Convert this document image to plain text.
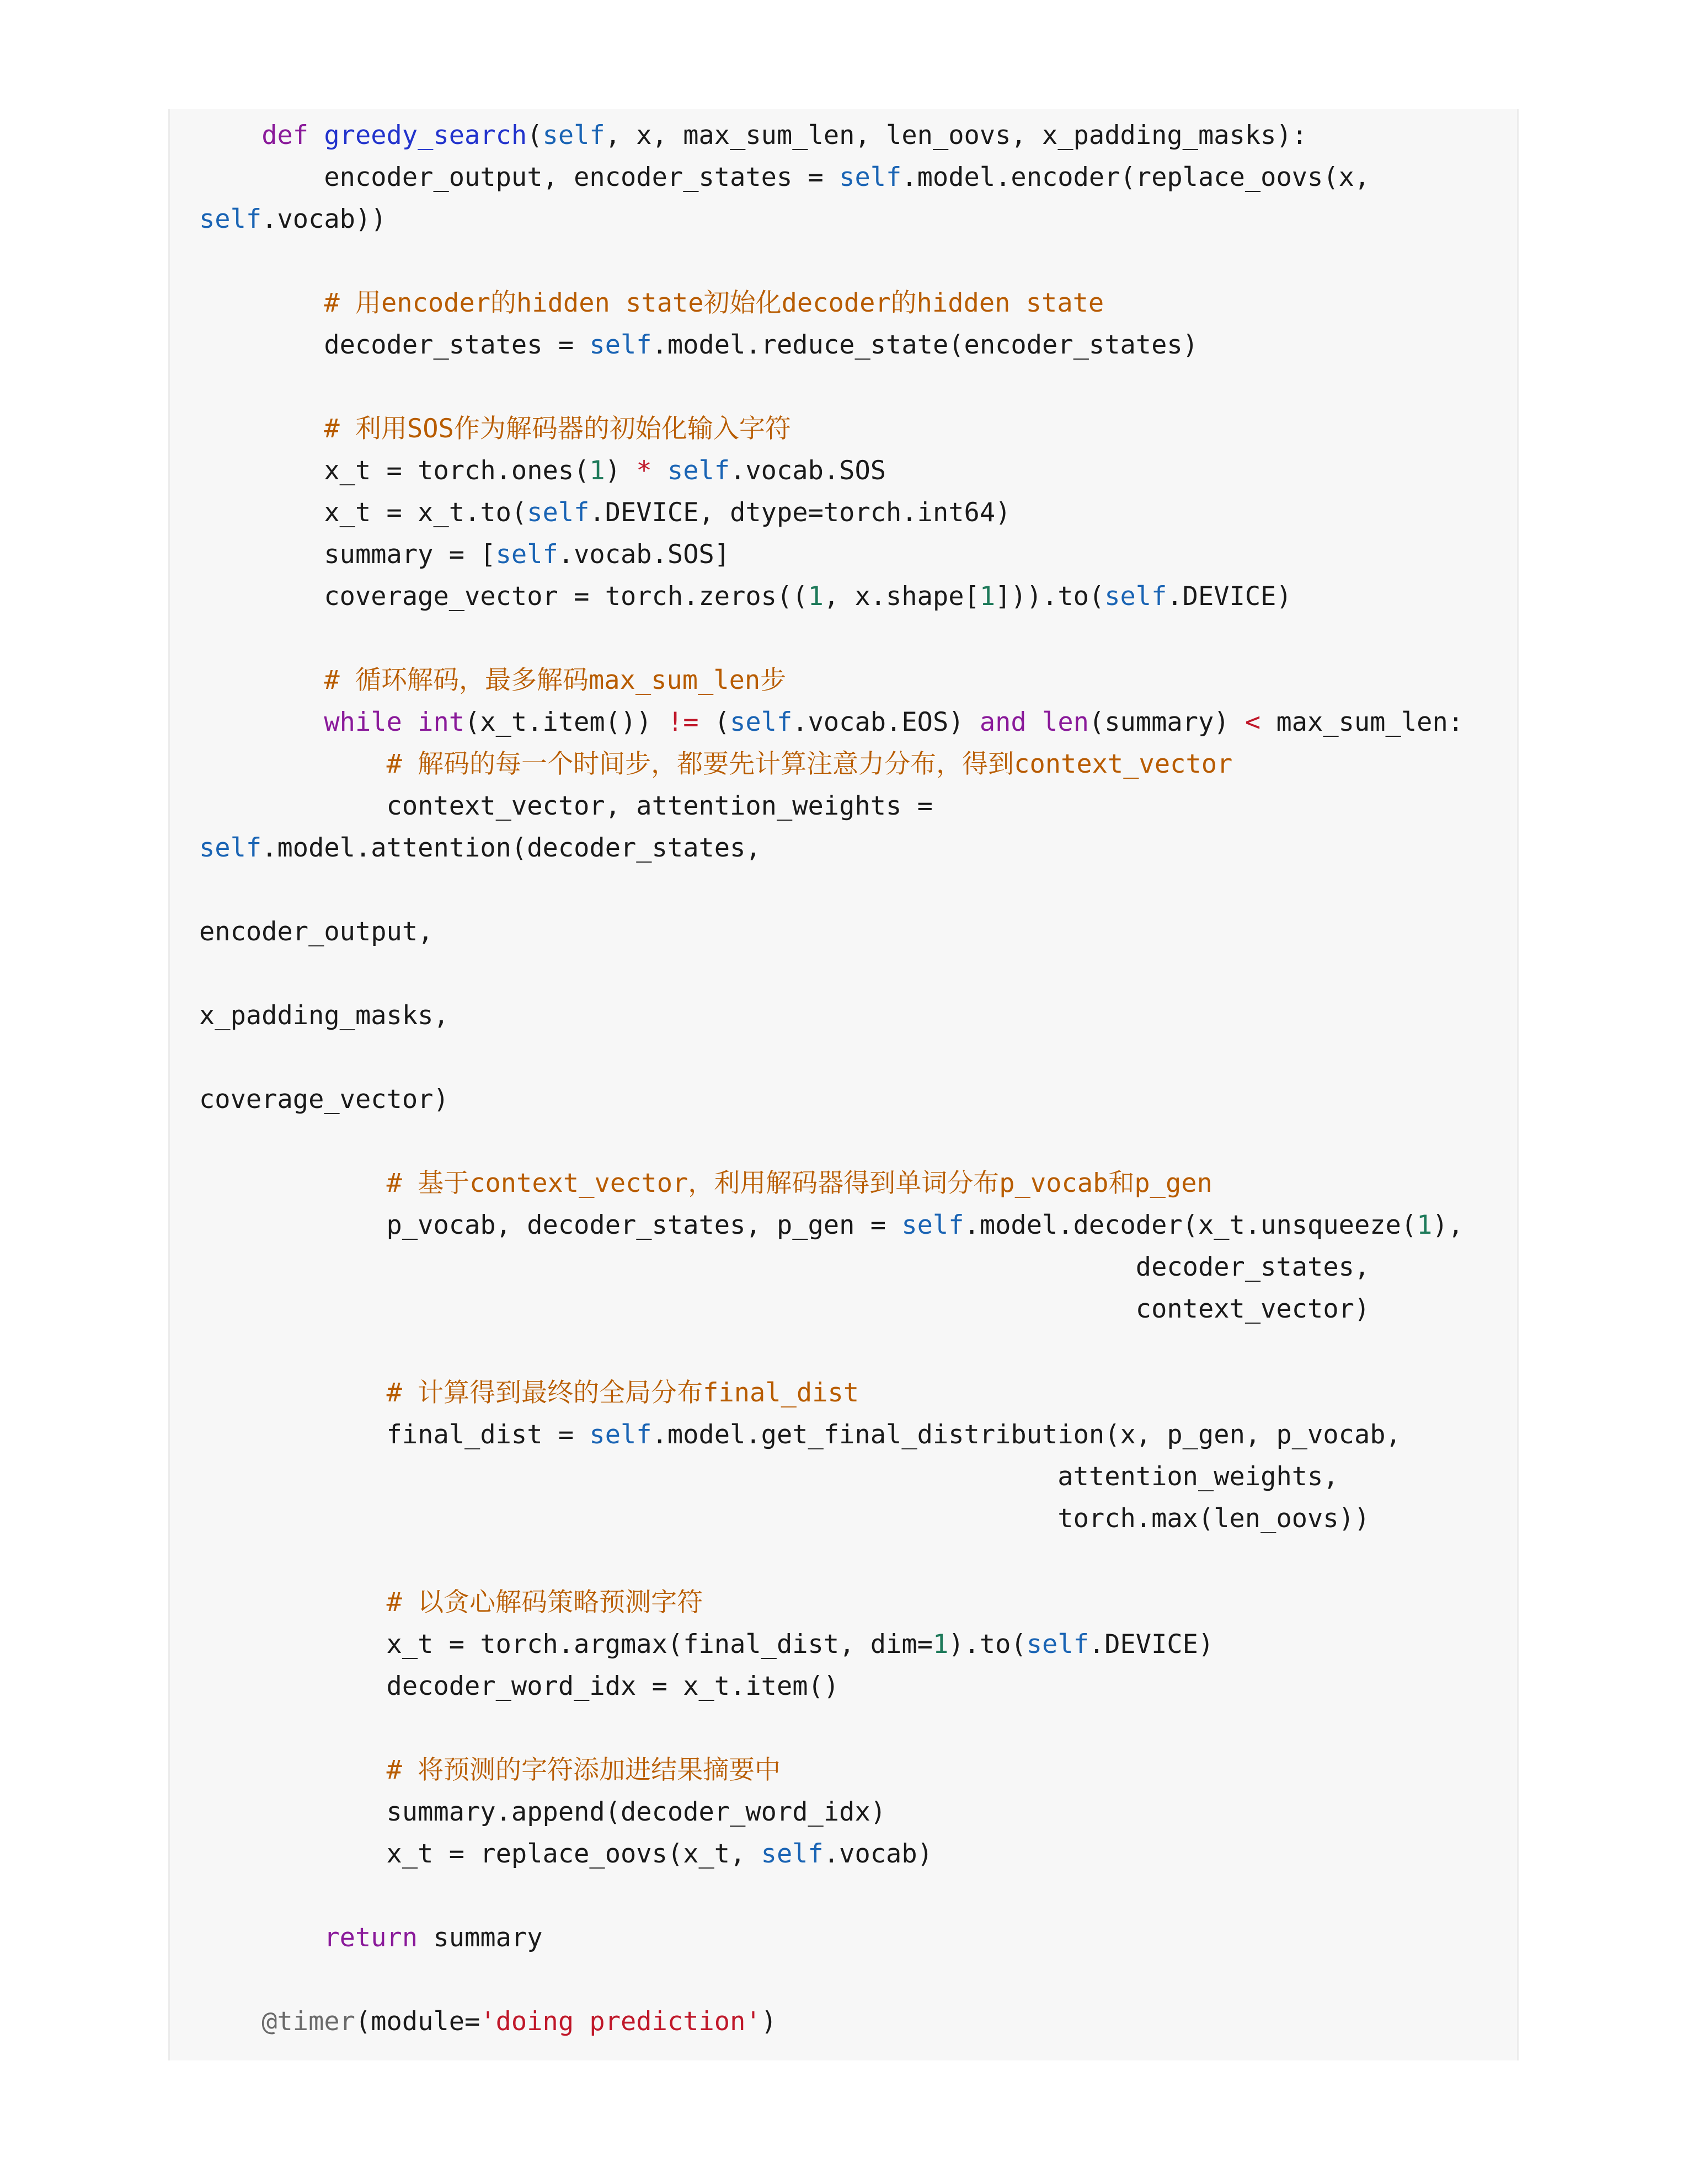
def greedy_search(self, x, max_sum_len, len_oovs, x_padding_masks):
encoder_output, encoder_states = self.model.encoder(replace_oovs(x,
self.vocab))
# 用encoder的hidden state初始化decoder的hidden state
decoder_states = self.model.reduce_state(encoder_states)
# 利用SOS作为解码器的初始化输入字符
x_t = torch.ones(1) * self.vocab.SOS
x_t = x_t.to(self.DEVICE, dtype=torch.int64)
summary = [self.vocab.SOS]
coverage_vector = torch.zeros((1, x.shape[1])).to(self.DEVICE)
# 循环解码，最多解码max_sum_len步
while int(x_t.item()) != (self.vocab.EOS) and len(summary) < max_sum_len:
# 解码的每一个时间步，都要先计算注意力分布，得到context_vector
context_vector, attention_weights =
self.model.attention(decoder_states,
encoder_output,
x_padding_masks,
coverage_vector)
# 基于context_vector，利用解码器得到单词分布p_vocab和p_gen
p_vocab, decoder_states, p_gen = self.model.decoder(x_t.unsqueeze(1),
decoder_states,
context_vector)
# 计算得到最终的全局分布final_dist
final_dist = self.model.get_final_distribution(x, p_gen, p_vocab,
attention_weights,
torch.max(len_oovs))
# 以贪心解码策略预测字符
x_t = torch.argmax(final_dist, dim=1).to(self.DEVICE)
decoder_word_idx = x_t.item()
# 将预测的字符添加进结果摘要中
summary.append(decoder_word_idx)
x_t = replace_oovs(x_t, self.vocab)
return summary
@timer(module='doing prediction')
